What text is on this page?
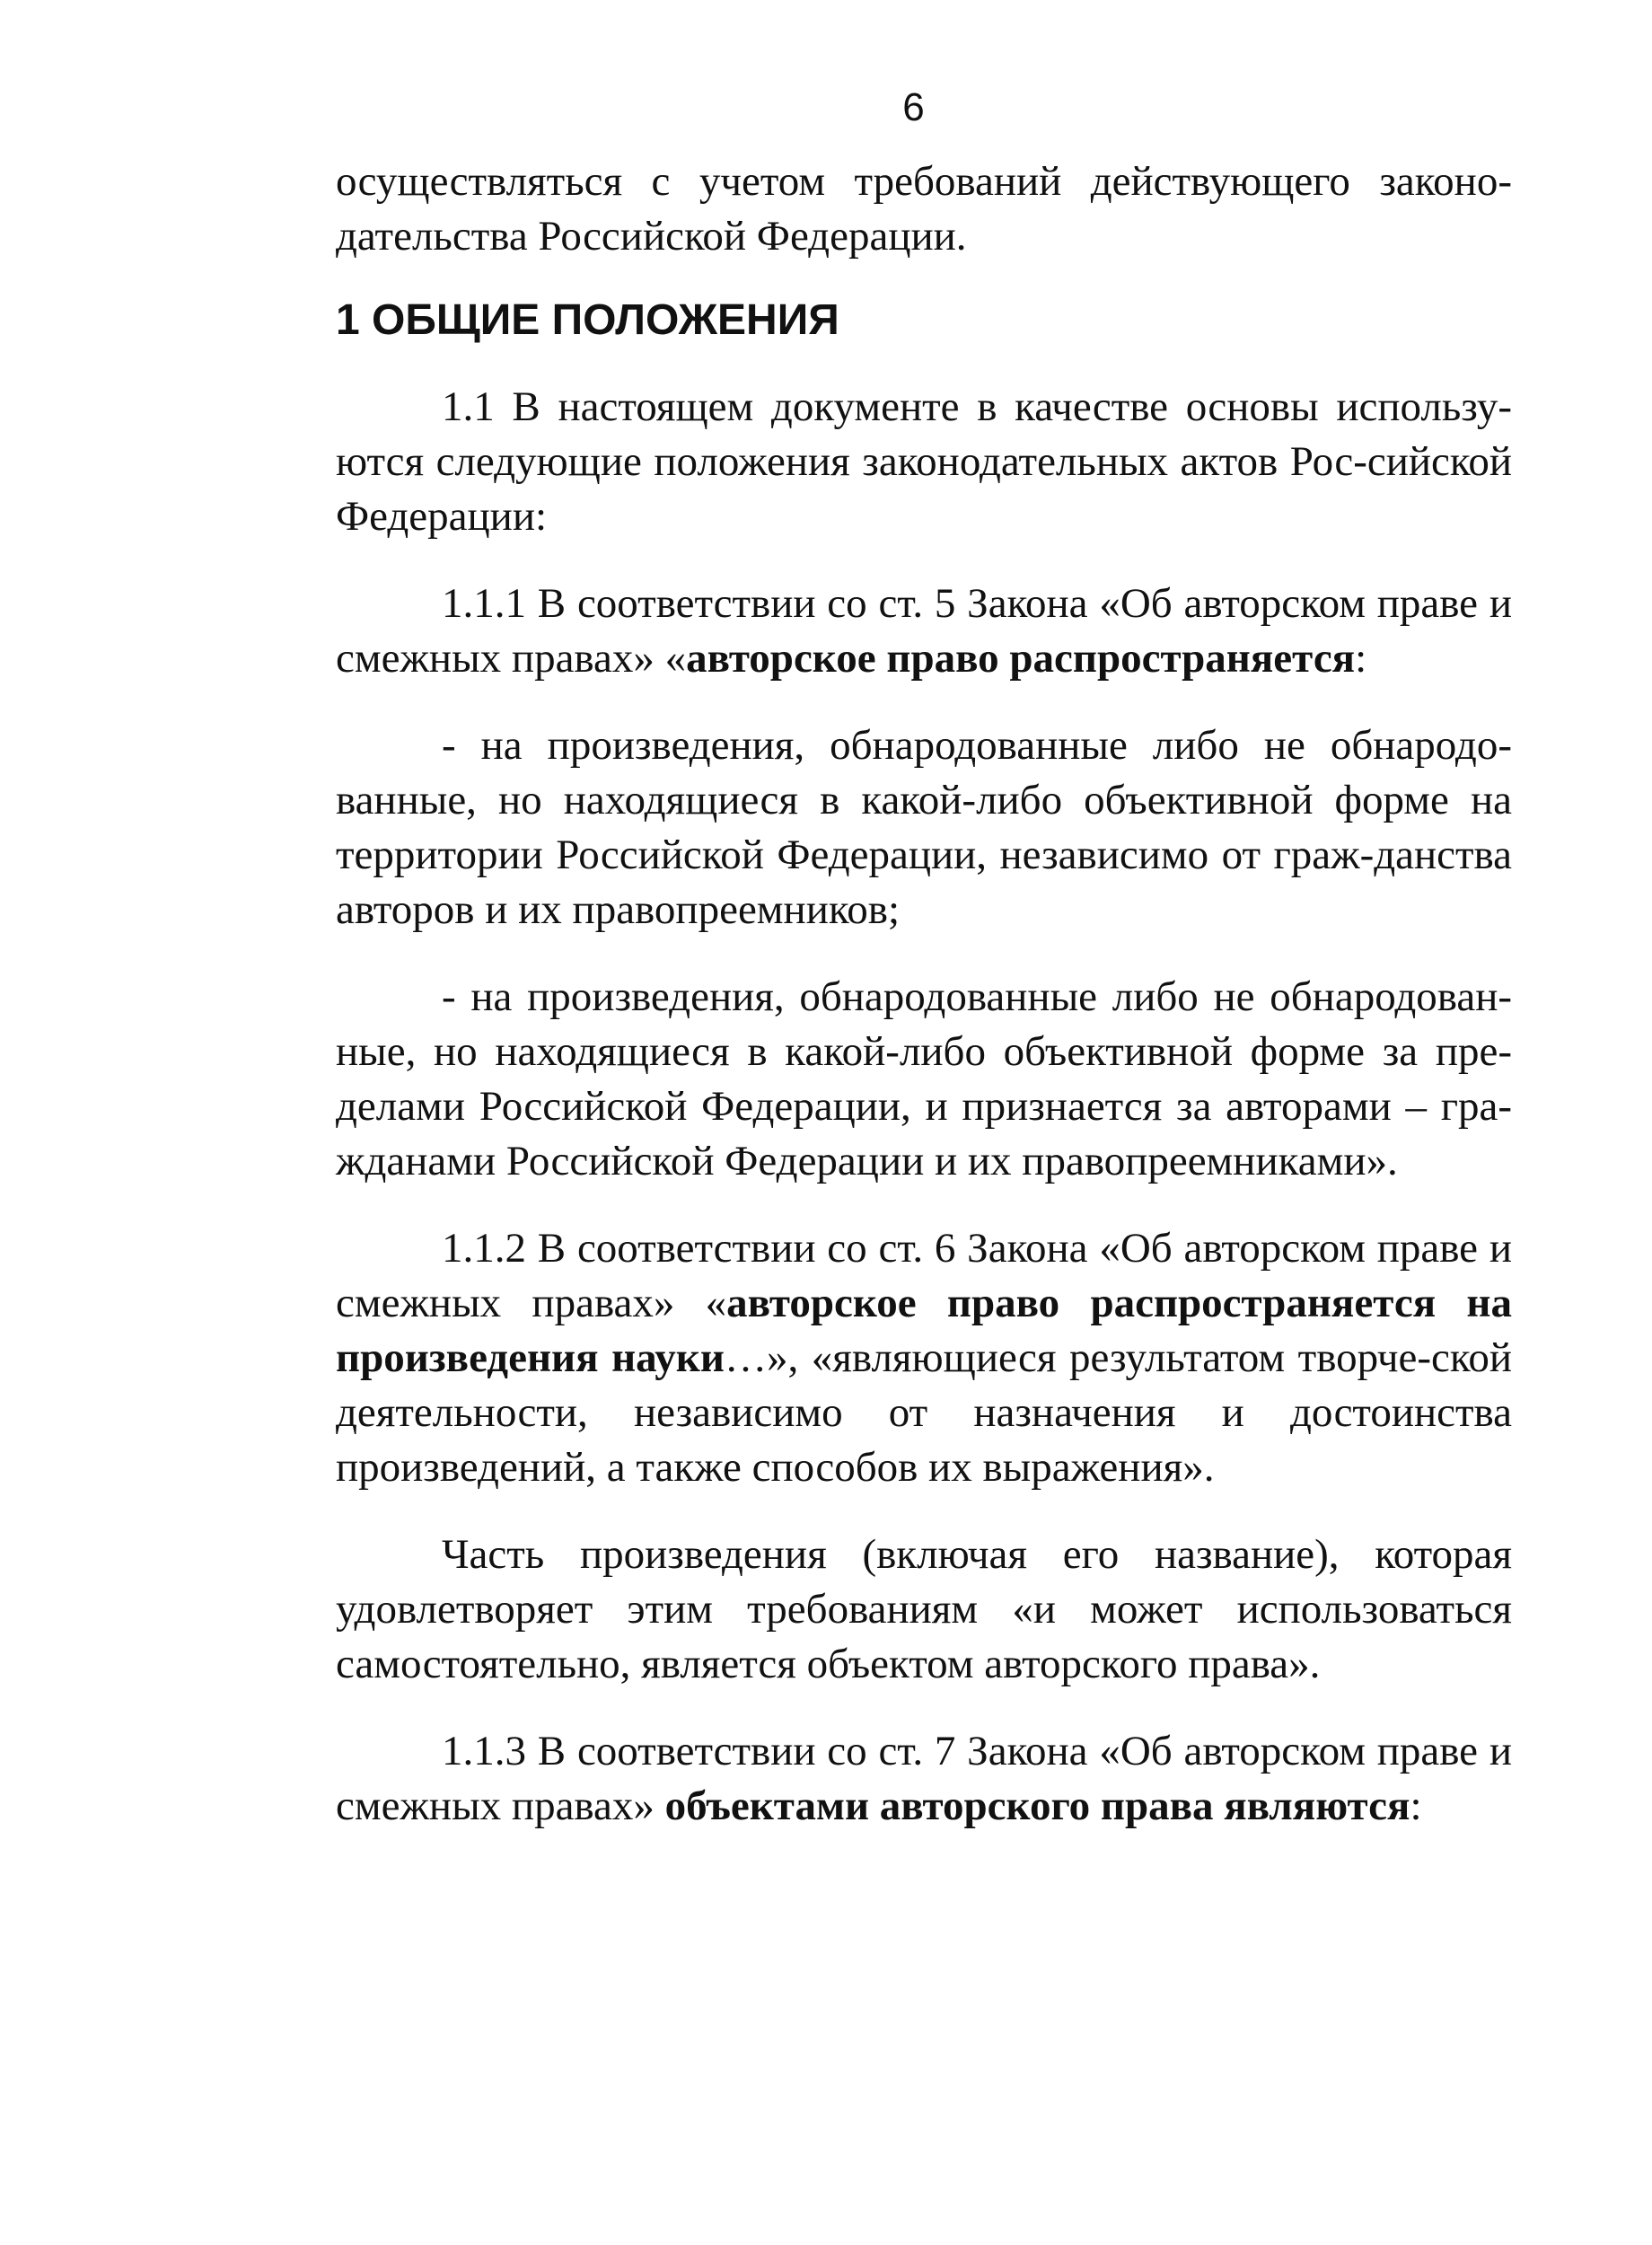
6

осуществляться с учетом требований действующего законо-дательства Российской Федерации.

1 ОБЩИЕ ПОЛОЖЕНИЯ

1.1 В настоящем документе в качестве основы использу-ются следующие положения законодательных актов Рос-сийской Федерации:

1.1.1 В соответствии со ст. 5 Закона «Об авторском праве и смежных правах» «авторское право распространяется:

- на произведения, обнародованные либо не обнародо-ванные, но находящиеся в какой-либо объективной форме на территории Российской Федерации, независимо от граж-данства авторов и их правопреемников;

- на произведения, обнародованные либо не обнародован-ные, но находящиеся в какой-либо объективной форме за пре-делами Российской Федерации, и признается за авторами – гра-жданами Российской Федерации и их правопреемниками».

1.1.2 В соответствии со ст. 6 Закона «Об авторском праве и смежных правах» «авторское право распространяется на произведения науки…», «являющиеся результатом творче-ской деятельности, независимо от назначения и достоинства произведений, а также способов их выражения».

Часть произведения (включая его название), которая удовлетворяет этим требованиям «и может использоваться самостоятельно, является объектом авторского права».

1.1.3 В соответствии со ст. 7 Закона «Об авторском праве и смежных правах» объектами авторского права являются:
